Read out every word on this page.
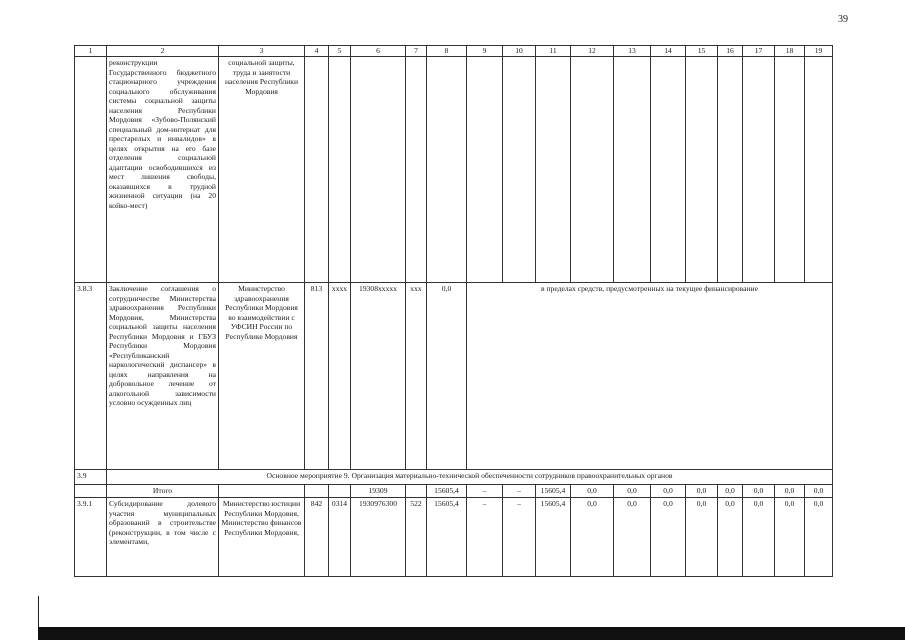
39
1	2	3	4	5	6	7	8	9	10	11	12	13	14	15	16	17	18	19
	реконструкции Государственного бюджетного стационарного учреждения социального обслуживания системы социальной защиты населения Республики Мордовия «Зубово-Полянский специальный дом-интернат для престарелых и инвалидов» в целях открытия на его базе отделения социальной адаптации освободившихся из мест лишения свободы, оказавшихся в трудной жизненной ситуации (на 20 койко-мест)	социальной защиты, труда и занятости населения Республики Мордовия																
3.8.3	Заключение соглашения о сотрудничестве Министерства здравоохранения Республики Мордовия, Министерства социальной защиты населения Республики Мордовия и ГБУЗ Республики Мордовия «Республиканский наркологический диспансер» в целях направления на добровольное лечение от алкогольной зависимости условно осужденных лиц	Министерство здравоохранения Республики Мордовия во взаимодействии с УФСИН России по Республике Мордовия	813	хххх	19308ххххх	ххх	0,0	в пределах средств, предусмотренных на текущее финансирование										
3.9	Основное мероприятие 9. Организация материально-технической обеспеченности сотрудников правоохранительных органов																	
	Итого				19309		15605,4	–	–	15605,4	0,0	0,0	0,0	0,0	0,0	0,0	0,0	0,0
3.9.1	Субсидирование долевого участия муниципальных образований в строительстве (реконструкции, в том числе с элементами,	Министерство юстиции Республики Мордовия, Министерство финансов Республики Мордовия,	842	0314	1930976300	522	15605,4	–	–	15605,4	0,0	0,0	0,0	0,0	0,0	0,0	0,0	0,0
